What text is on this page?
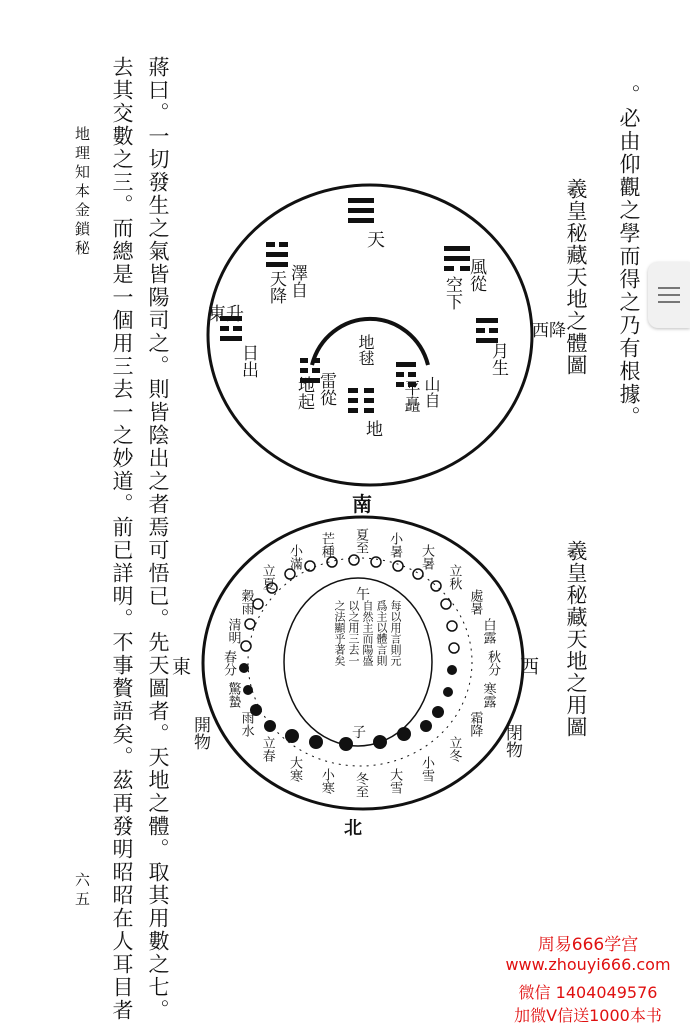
。必由仰觀之學而得之乃有根據。
蔣曰。一切發生之氣皆陽司之。則皆陰出之者焉可悟已。先天圖者。天地之體。取其用數之七。
去其交數之三。而總是一個用三去一之妙道。前已詳明。不事贅語矣。茲再發明昭昭在人耳目者
地理知本金鎖秘
六五
羲皇秘藏天地之體圖
羲皇秘藏天地之用圖
天
風從
空下
月生
澤自
天降
日出	地毬
雷從
地起
地
山自
平矗
東升
西降
南
北
東	西
開物	閉物
每以用言則元
爲主以體言則
自然主而陽盛
以之用三去一
之法顯乎著矣
午
子
夏至
芒種
小滿
立夏
穀雨
清明
春分
驚蟄
雨水
立春
大寒 小寒 冬至 大雪 小雪
立冬
霜降
寒露
秋分
白露
處暑
立秋
大暑
小暑
周易666学宫
www.zhouyi666.com
微信 1404049576
加微V信送1000本书
